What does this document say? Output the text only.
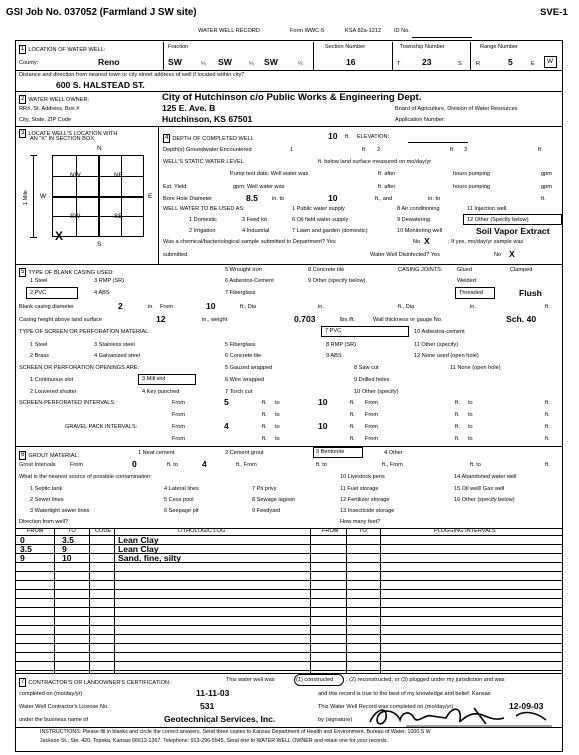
GSI Job No. 037052 (Farmland J SW site)	SVE-1
WATER WELL RECORD	Form WWC-5	KSA 82a-1212 ID No.
1 LOCATION OF WATER WELL:	Fraction	Section Number	Township Number	Range Number
County:	Reno	SW	¼ SW	¼ SW	¼	16	T	23	S	R	5	E W
Distance and direction from nearest town or city street address of well if located within city?
600 S. HALSTEAD ST.
2 WATER WELL OWNER:	City of Hutchinson c/o Public Works & Engineering Dept.
RR#, St. Address, Box #	125 E. Ave. B	Board of Agriculture, Division of Water Resources
City, State, ZIP Code	Hutchinson, KS 67501	Application Number:
3 LOCATE WELL'S LOCATION WITH
AN "X" IN SECTION BOX:
N
S
W	E
1 Mile
NW	NE
SW	SE
X
4 DEPTH OF COMPLETED WELL	10 ft. ELEVATION:
Depth(s) Groundwater Encountered	1	ft. 2	ft. 3	ft.
WELL'S STATIC WATER LEVEL	ft. below land surface measured on mo/day/yr
Pump test data: Well water was	ft. after	hours pumping	gpm
Est. Yield	gpm: Well water was	ft. after	hours pumping	gpm
Bore Hole Diameter	8.5	in. to	10	ft., and	in. to	ft.
WELL WATER TO BE USED AS:	1 Public water supply	8 Air conditioning	11 Injection well
1 Domestic	3 Feed lot	6 Oil field water supply	9 Dewatering	12 Other (Specify below)
2 Irrigation	4 Industrial	7 Lawn and garden (domestic)	10 Monitoring well	Soil Vapor Extract
Was a chemical/bacteriological sample submitted to Department? Yes	No X	; If yes, mo/day/yr sample was
submitted	Water Well Disinfected? Yes	No X
5 TYPE OF BLANK CASING USED:	5 Wrought Iron	8 Concrete tile	CASING JOINTS:	Glued	Clamped
1 Steel	3 RMP (SR)	6 Asbestos-Cement	9 Other (specify below)	Welded
2 PVC	4 ABS	7 Fiberglass	Threaded	Flush
Blank casing diameter	2	in. From	10	ft., Dia	in.	ft., Dia	in.	ft.
Casing height above land surface	12	in., weight	0.703	lbs./ft.	Wall thickness or gauge No.	Sch. 40
TYPE OF SCREEN OR PERFORATION MATERIAL:	7 PVC	10 Asbestos-cement
1 Steel	3 Stainless steel	5 Fiberglass	8 RMP (SR)	11 Other (specify)
2 Brass	4 Galvanized steel	6 Concrete tile	9 ABS	12 None used (open hole)
SCREEN OR PERFORATION OPENINGS ARE:	5 Gauzed wrapped	8 Saw cut	11 None (open hole)
1 Continuous slot	3 Mill slot	6 Wire wrapped	9 Drilled holes
2 Louvered shutter	4 Key punched	7 Torch cut	10 Other (specify)
SCREEN-PERFORATED INTERVALS:	From	5	ft. to	10	ft. From	ft. to	ft.
From	ft. to	ft. From	ft. to	ft.
GRAVEL PACK INTERVALS:	From	4	ft. to	10	ft. From	ft. to	ft.
From	ft. to	ft. From	ft. to	ft.
6 GROUT MATERIAL:	1 Neat cement	2 Cement grout	3 Bentonite	4 Other
Grout Intervals	From	0	ft. to	4	ft., From	ft. to	ft., From	ft. to	ft.
What is the nearest source of possible contamination:	10 Livestock pens	14 Abandoned water well
1 Septic tank	4 Lateral lines	7 Pit privy	11 Fuel storage	15 Oil well/ Gas well
2 Sewer lines	5 Cess pool	8 Sewage lagoon	12 Fertilizer storage	16 Other (specify below)
3 Watertight sewer lines	6 Seepage pit	9 Feedyard	13 Insecticide storage
Direction from well?	How many feet?
FROM	TO	CODE	LITHOLOGIC LOG	FROM	TO	PLUGGING INTERVALS
0	3.5	Lean Clay
3.5	9	Lean Clay
9	10	Sand, fine, silty
7 CONTRACTOR'S OR LANDOWNER'S CERTIFICATION:	This water well was	(1) constructed , (2) reconstructed, or (3) plugged under my jurisdiction and was
completed on (mo/day/yr)	11-11-03	and this record is true to the best of my knowledge and belief. Kansas
Water Well Contractor's License No.	531	This Water Well Record was completed on (mo/day/yr)	12-09-03
under the business name of	Geotechnical Services, Inc.	by (signature)
INSTRUCTIONS: Please fill in blanks and circle the correct answers. Send three copies to Kansas Department of Health and Environment, Bureau of Water, 1000 S W
Jackson St., Ste. 420, Topeka, Kansas 66612-1367. Telephone: 913-296-5545. Send one to WATER WELL OWNER and retain one for your records.
